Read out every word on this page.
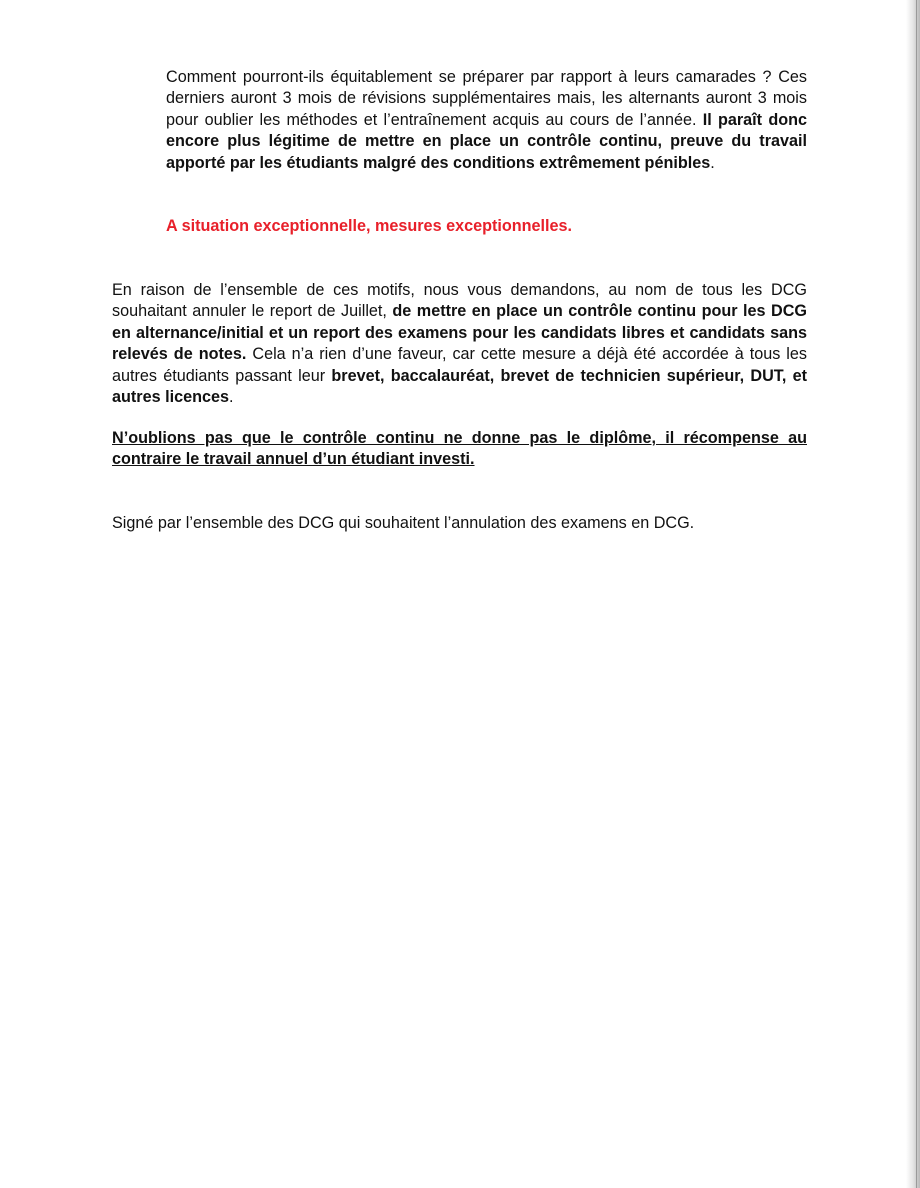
Comment pourront-ils équitablement se préparer par rapport à leurs camarades ? Ces derniers auront 3 mois de révisions supplémentaires mais, les alternants auront 3 mois pour oublier les méthodes et l’entraînement acquis au cours de l’année. Il paraît donc encore plus légitime de mettre en place un contrôle continu, preuve du travail apporté par les étudiants malgré des conditions extrêmement pénibles.

A situation exceptionnelle, mesures exceptionnelles.

En raison de l’ensemble de ces motifs, nous vous demandons, au nom de tous les DCG souhaitant annuler le report de Juillet, de mettre en place un contrôle continu pour les DCG en alternance/initial et un report des examens pour les candidats libres et candidats sans relevés de notes. Cela n’a rien d’une faveur, car cette mesure a déjà été accordée à tous les autres étudiants passant leur brevet, baccalauréat, brevet de technicien supérieur, DUT, et autres licences.

N’oublions pas que le contrôle continu ne donne pas le diplôme, il récompense au contraire le travail annuel d’un étudiant investi.

Signé par l’ensemble des DCG qui souhaitent l’annulation des examens en DCG.
